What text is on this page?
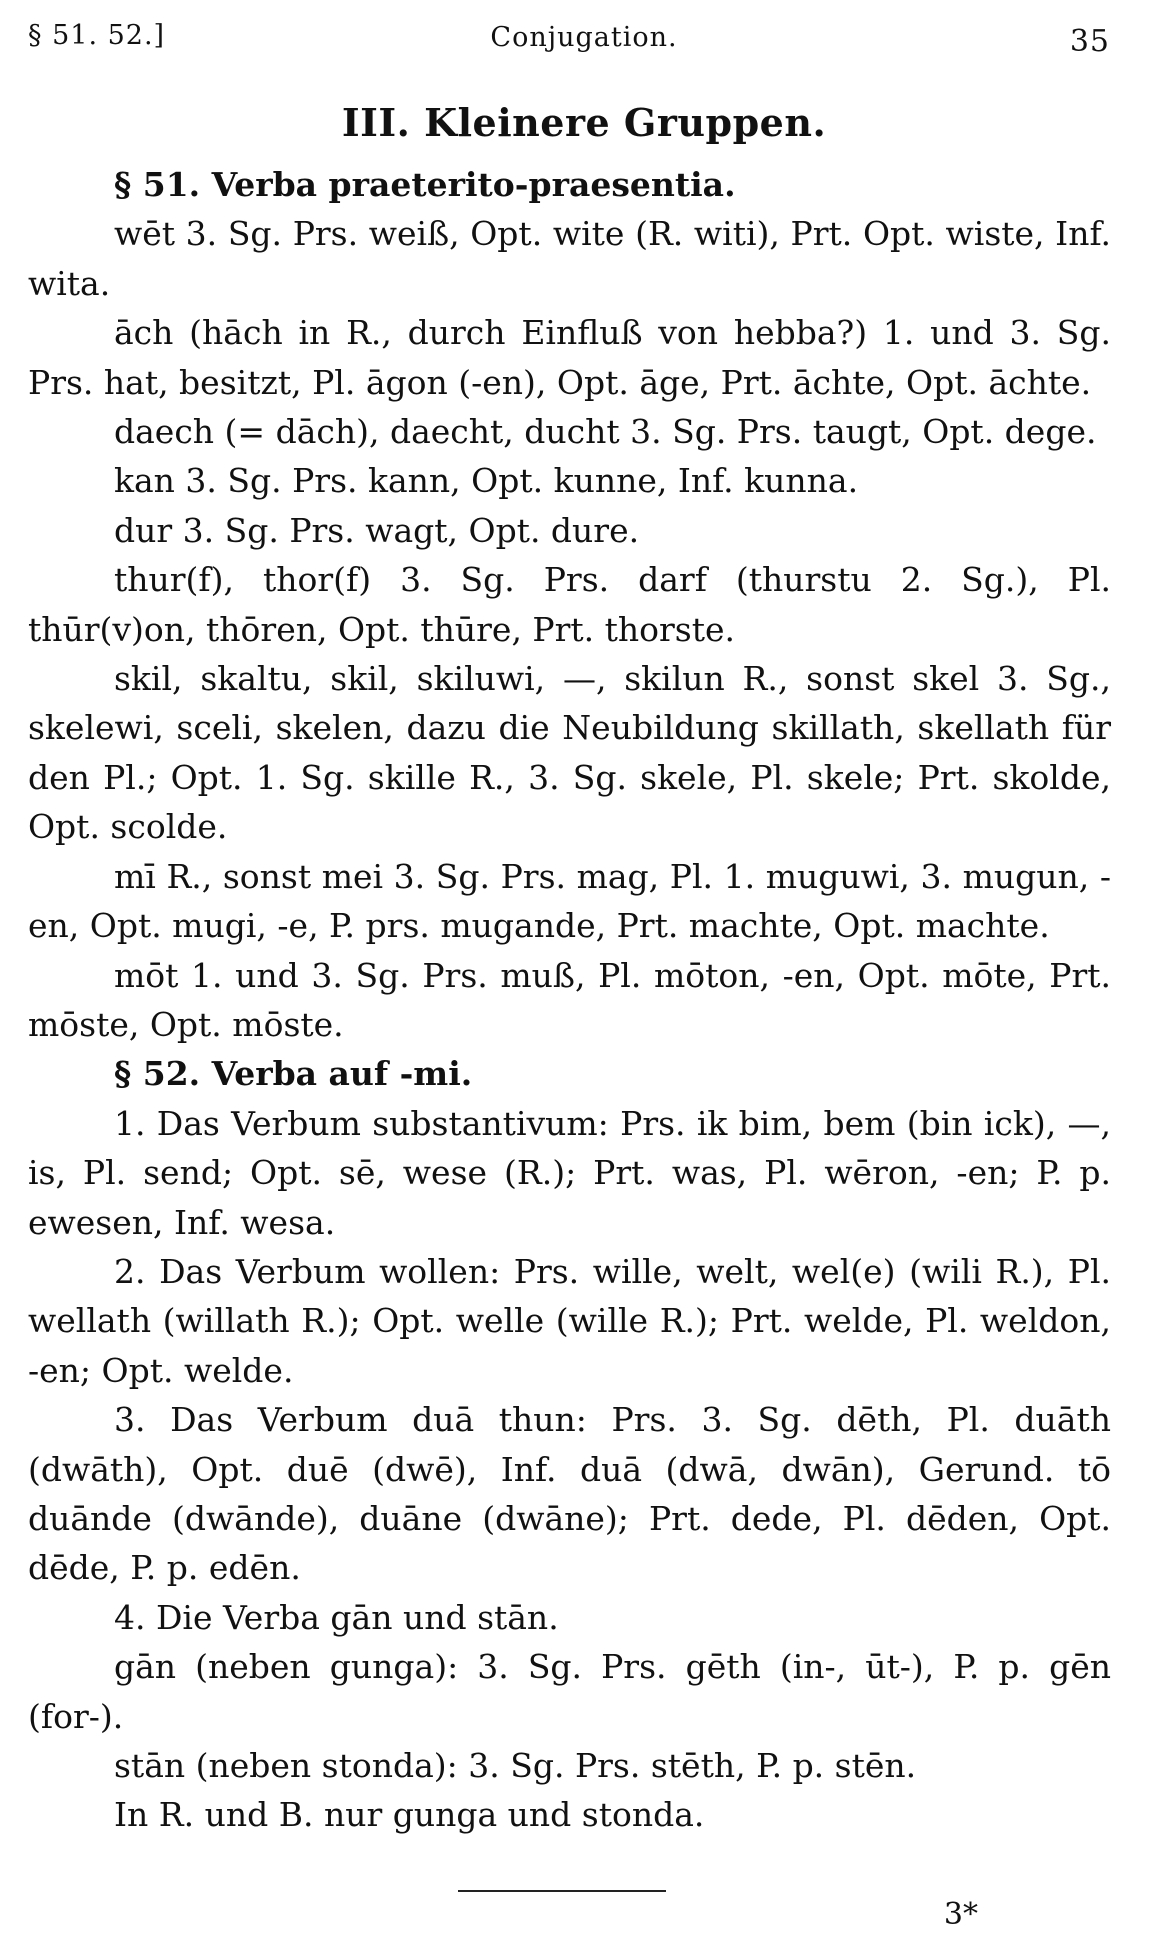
§ 51. 52.]	Conjugation.	35
III. Kleinere Gruppen.

§ 51. Verba praeterito-praesentia.

wēt 3. Sg. Prs. weiß, Opt. wite (R. witi), Prt. Opt. wiste, Inf. wita.

āch (hāch in R., durch Einfluß von hebba?) 1. und 3. Sg. Prs. hat, besitzt, Pl. āgon (-en), Opt. āge, Prt. āchte, Opt. āchte.

daech (= dāch), daecht, ducht 3. Sg. Prs. taugt, Opt. dege.

kan 3. Sg. Prs. kann, Opt. kunne, Inf. kunna.

dur 3. Sg. Prs. wagt, Opt. dure.

thur(f), thor(f) 3. Sg. Prs. darf (thurstu 2. Sg.), Pl. thūr(v)on, thōren, Opt. thūre, Prt. thorste.

skil, skaltu, skil, skiluwi, —, skilun R., sonst skel 3. Sg., skelewi, sceli, skelen, dazu die Neubildung skillath, skellath für den Pl.; Opt. 1. Sg. skille R., 3. Sg. skele, Pl. skele; Prt. skolde, Opt. scolde.

mī R., sonst mei 3. Sg. Prs. mag, Pl. 1. muguwi, 3. mugun, -en, Opt. mugi, -e, P. prs. mugande, Prt. machte, Opt. machte.

mōt 1. und 3. Sg. Prs. muß, Pl. mōton, -en, Opt. mōte, Prt. mōste, Opt. mōste.

§ 52. Verba auf -mi.

1. Das Verbum substantivum: Prs. ik bim, bem (bin ick), —, is, Pl. send; Opt. sē, wese (R.); Prt. was, Pl. wēron, -en; P. p. ewesen, Inf. wesa.

2. Das Verbum wollen: Prs. wille, welt, wel(e) (wili R.), Pl. wellath (willath R.); Opt. welle (wille R.); Prt. welde, Pl. weldon, -en; Opt. welde.

3. Das Verbum duā thun: Prs. 3. Sg. dēth, Pl. duāth (dwāth), Opt. duē (dwē), Inf. duā (dwā, dwān), Gerund. tō duānde (dwānde), duāne (dwāne); Prt. dede, Pl. dēden, Opt. dēde, P. p. edēn.

4. Die Verba gān und stān.

gān (neben gunga): 3. Sg. Prs. gēth (in-, ūt-), P. p. gēn (for-).

stān (neben stonda): 3. Sg. Prs. stēth, P. p. stēn.

In R. und B. nur gunga und stonda.

3*
